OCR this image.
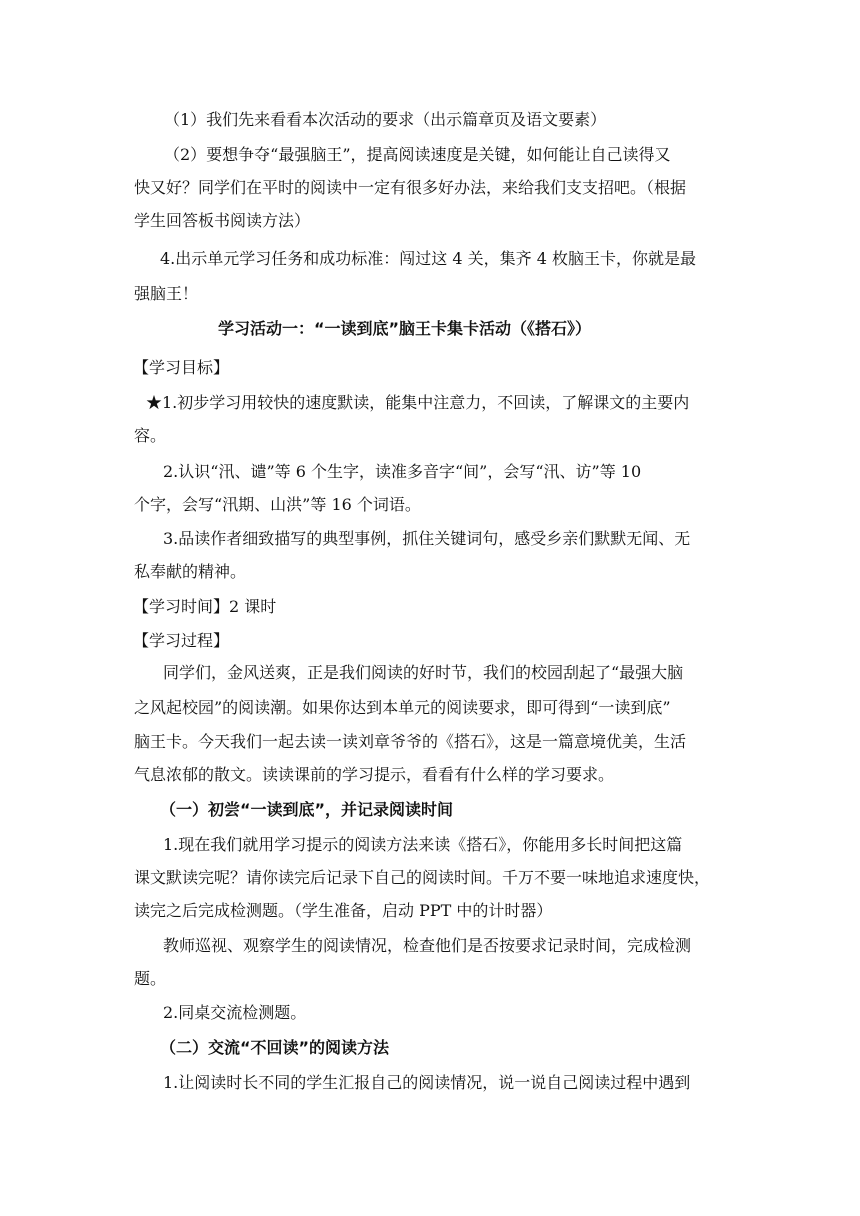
（1）我们先来看看本次活动的要求（出示篇章页及语文要素）
（2）要想争夺“最强脑王”，提高阅读速度是关键，如何能让自己读得又
快又好？同学们在平时的阅读中一定有很多好办法，来给我们支支招吧。（根据
学生回答板书阅读方法）
4.出示单元学习任务和成功标准：闯过这 4 关，集齐 4 枚脑王卡，你就是最
强脑王！
学习活动一：“一读到底”脑王卡集卡活动（《搭石》）
【学习目标】
★1.初步学习用较快的速度默读，能集中注意力，不回读，了解课文的主要内
容。
2.认识“汛、谴”等 6 个生字，读准多音字“间”，会写“汛、访”等 10
个字，会写“汛期、山洪”等 16 个词语。
3.品读作者细致描写的典型事例，抓住关键词句，感受乡亲们默默无闻、无
私奉献的精神。
【学习时间】2 课时
【学习过程】
同学们，金风送爽，正是我们阅读的好时节，我们的校园刮起了“最强大脑
之风起校园”的阅读潮。如果你达到本单元的阅读要求，即可得到“一读到底”
脑王卡。今天我们一起去读一读刘章爷爷的《搭石》，这是一篇意境优美，生活
气息浓郁的散文。读读课前的学习提示，看看有什么样的学习要求。
（一）初尝“一读到底”，并记录阅读时间
1.现在我们就用学习提示的阅读方法来读《搭石》，你能用多长时间把这篇
课文默读完呢？请你读完后记录下自己的阅读时间。千万不要一味地追求速度快，
读完之后完成检测题。（学生准备，启动 PPT 中的计时器）
教师巡视、观察学生的阅读情况，检查他们是否按要求记录时间，完成检测
题。
2.同桌交流检测题。
（二）交流“不回读”的阅读方法
1.让阅读时长不同的学生汇报自己的阅读情况，说一说自己阅读过程中遇到
